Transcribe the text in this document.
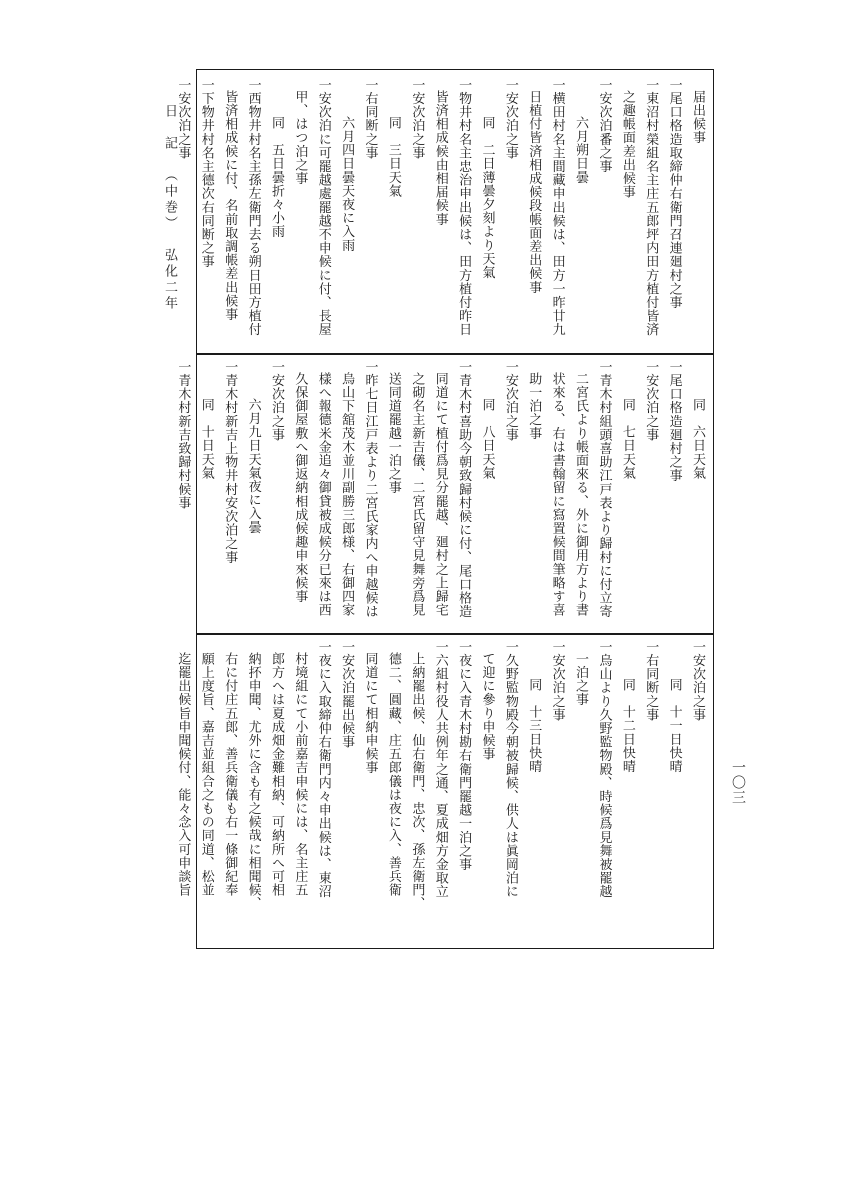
日　記　（中巻）　弘化二年
一〇三
届出候事
一尾口格造取締仲右衛門召連廻村之事
一東沼村榮組名主庄五郎坪内田方植付皆済
之趣帳面差出候事
一安次泊番之事
六月朔日曇
一横田村名主間藏申出候は、田方一昨廿九
日植付皆済相成候段帳面差出候事
一安次泊之事
同　二日薄曇夕刻より天氣
一物井村名主忠治申出候は、田方植付昨日
皆済相成候由相届候事
一安次泊之事
同　三日天氣
一右同断之事
六月四日曇天夜に入雨
一安次泊に可罷越處罷越不申候に付、長屋
甲、はつ泊之事
同　五日曇折々小雨
一西物井村名主孫左衛門去る朔日田方植付
皆済相成候に付、名前取調帳差出候事
一下物井村名主德次右同断之事
一安次泊之事
同　六日天氣
一尾口格造廻村之事
一安次泊之事
同　七日天氣
一青木村組頭喜助江戸表より歸村に付立寄
二宮氏より帳面來る、外に御用方より書
状來る、右は書翰留に寫置候間筆略す喜
助一泊之事
一安次泊之事
同　八日天氣
一青木村喜助今朝致歸村候に付、尾口格造
同道にて植付爲見分罷越、廻村之上歸宅
之砌名主新吉儀、二宮氏留守見舞旁爲見
送同道罷越一泊之事
一昨七日江戸表より二宮氏家内へ申越候は
烏山下舘茂木並川副勝三郎様、右御四家
樣へ報德米金追々御貸被成候分已來は西
久保御屋敷へ御返納相成候趣申來候事
一安次泊之事
六月九日天氣夜に入曇
一青木村新吉上物井村安次泊之事
同　十日天氣
一青木村新吉致歸村候事
一安次泊之事
同　十一日快晴
一右同断之事
同　十二日快晴
一烏山より久野監物殿、時候爲見舞被罷越
一泊之事
一安次泊之事
同　十三日快晴
一久野監物殿今朝被歸候、供人は眞岡泊に
て迎に參り申候事
一夜に入青木村勘右衛門罷越一泊之事
一六組村役人共例年之通、夏成畑方金取立
上納罷出候、仙右衛門、忠次、孫左衛門、
德二、圓藏、庄五郎儀は夜に入、善兵衛
同道にて相納申候事
一安次泊罷出候事
一夜に入取締仲右衛門内々申出候は、東沼
村境組にて小前嘉吉申候には、名主庄五
郎方へは夏成畑金難相納、可納所へ可相
納抔申聞、尤外に含も有之候哉に相聞候、
右に付庄五郎、善兵衛儀も右一條御紀奉
願上度旨、嘉吉並組合之もの同道、松並
迄罷出候旨申聞候付、能々念入可申談旨
